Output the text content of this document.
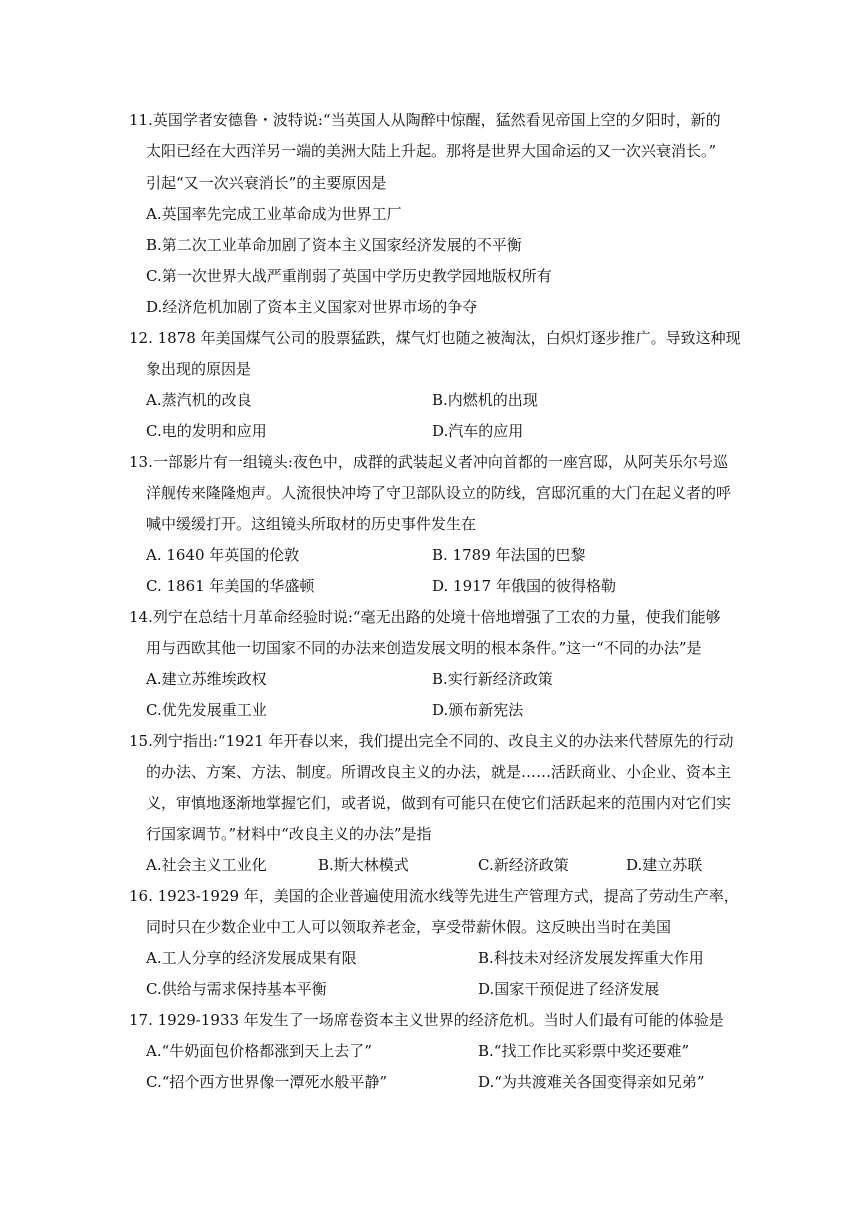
11.英国学者安德鲁・波特说:“当英国人从陶醉中惊醒，猛然看见帝国上空的夕阳时，新的
太阳已经在大西洋另一端的美洲大陆上升起。那将是世界大国命运的又一次兴衰消长。”
引起“又一次兴衰消长”的主要原因是
A.英国率先完成工业革命成为世界工厂
B.第二次工业革命加剧了资本主义国家经济发展的不平衡
C.第一次世界大战严重削弱了英国中学历史教学园地版权所有
D.经济危机加剧了资本主义国家对世界市场的争夺
12. 1878 年美国煤气公司的股票猛跌，煤气灯也随之被淘汰，白炽灯逐步推广。导致这种现
象出现的原因是
A.蒸汽机的改良	B.内燃机的出现
C.电的发明和应用	D.汽车的应用
13.一部影片有一组镜头:夜色中，成群的武装起义者冲向首都的一座宫邸，从阿芙乐尔号巡
洋舰传来隆隆炮声。人流很快冲垮了守卫部队设立的防线，宫邸沉重的大门在起义者的呼
喊中缓缓打开。这组镜头所取材的历史事件发生在
A. 1640 年英国的伦敦	B. 1789 年法国的巴黎
C. 1861 年美国的华盛顿	D. 1917 年俄国的彼得格勒
14.列宁在总结十月革命经验时说:“毫无出路的处境十倍地增强了工农的力量，使我们能够
用与西欧其他一切国家不同的办法来创造发展文明的根本条件。”这一“不同的办法”是
A.建立苏维埃政权	B.实行新经济政策
C.优先发展重工业	D.颁布新宪法
15.列宁指出:“1921 年开春以来，我们提出完全不同的、改良主义的办法来代替原先的行动
的办法、方案、方法、制度。所谓改良主义的办法，就是……活跃商业、小企业、资本主
义，审慎地逐渐地掌握它们，或者说，做到有可能只在使它们活跃起来的范围内对它们实
行国家调节。”材料中“改良主义的办法”是指
A.社会主义工业化	B.斯大林模式	C.新经济政策	D.建立苏联
16. 1923-1929 年，美国的企业普遍使用流水线等先进生产管理方式，提高了劳动生产率，
同时只在少数企业中工人可以领取养老金，享受带薪休假。这反映出当时在美国
A.工人分享的经济发展成果有限	B.科技未对经济发展发挥重大作用
C.供给与需求保持基本平衡	D.国家干预促进了经济发展
17. 1929-1933 年发生了一场席卷资本主义世界的经济危机。当时人们最有可能的体验是
A.“牛奶面包价格都涨到天上去了”	B.“找工作比买彩票中奖还要难”
C.“招个西方世界像一潭死水般平静”	D.“为共渡难关各国变得亲如兄弟”
